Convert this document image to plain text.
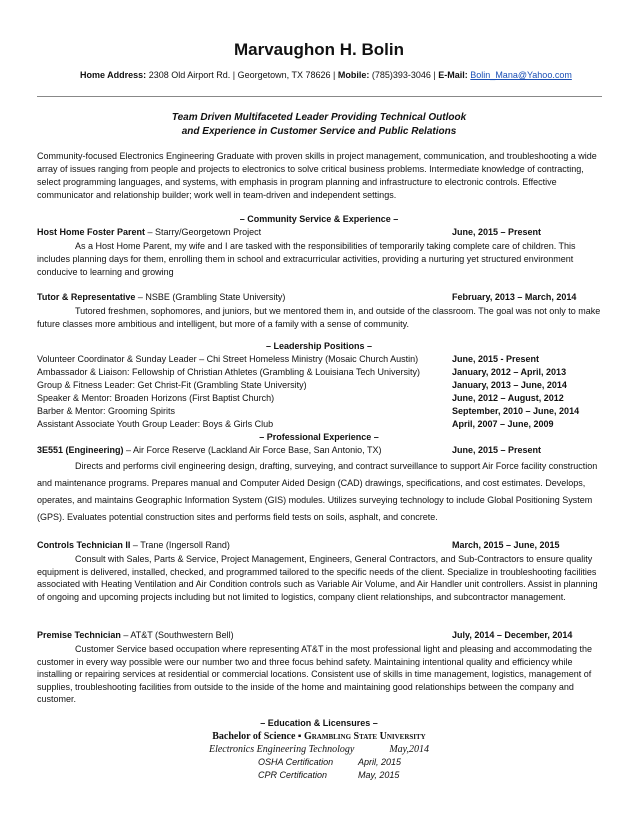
Marvaughon H. Bolin
Home Address: 2308 Old Airport Rd. | Georgetown, TX 78626 | Mobile: (785)393-3046 | E-Mail: Bolin_Mana@Yahoo.com
Team Driven Multifaceted Leader Providing Technical Outlook
and Experience in Customer Service and Public Relations
Community-focused Electronics Engineering Graduate with proven skills in project management, communication, and troubleshooting a wide array of issues ranging from people and projects to electronics to solve critical business problems. Intermediate knowledge of contracting, select programming languages, and systems, with emphasis in program planning and infrastructure to electronic controls. Effective communicator and relationship builder; work well in team-driven and independent settings.
– Community Service & Experience –
Host Home Foster Parent – Starry/Georgetown Project	June, 2015 – Present
As a Host Home Parent, my wife and I are tasked with the responsibilities of temporarily taking complete care of children. This includes planning days for them, enrolling them in school and extracurricular activities, providing a nurturing yet structured environment conducive to learning and growing
Tutor & Representative – NSBE (Grambling State University)	February, 2013 – March, 2014
Tutored freshmen, sophomores, and juniors, but we mentored them in, and outside of the classroom. The goal was not only to make future classes more ambitious and intelligent, but more of a family with a sense of community.
– Leadership Positions –
Volunteer Coordinator & Sunday Leader – Chi Street Homeless Ministry (Mosaic Church Austin)	June, 2015 - Present
Ambassador & Liaison: Fellowship of Christian Athletes (Grambling & Louisiana Tech University)	January, 2012 – April, 2013
Group & Fitness Leader: Get Christ-Fit (Grambling State University)	January, 2013 – June, 2014
Speaker & Mentor: Broaden Horizons (First Baptist Church)	June, 2012 – August, 2012
Barber & Mentor: Grooming Spirits	September, 2010 – June, 2014
Assistant Associate Youth Group Leader: Boys & Girls Club	April, 2007 – June, 2009
– Professional Experience –
3E551 (Engineering) – Air Force Reserve (Lackland Air Force Base, San Antonio, TX)	June, 2015 – Present
Directs and performs civil engineering design, drafting, surveying, and contract surveillance to support Air Force facility construction and maintenance programs. Prepares manual and Computer Aided Design (CAD) drawings, specifications, and cost estimates. Develops, operates, and maintains Geographic Information System (GIS) modules. Utilizes surveying technology to include Global Positioning System (GPS). Evaluates potential construction sites and performs field tests on soils, asphalt, and concrete.
Controls Technician II – Trane (Ingersoll Rand)	March, 2015 – June, 2015
Consult with Sales, Parts & Service, Project Management, Engineers, General Contractors, and Sub-Contractors to ensure quality equipment is delivered, installed, checked, and programmed tailored to the specific needs of the client. Specialize in troubleshooting facilities associated with Heating Ventilation and Air Condition controls such as Variable Air Volume, and Air Handler unit controllers. Assist in planning of ongoing and upcoming projects including but not limited to logistics, company client relationships, and subcontractor management.
Premise Technician – AT&T (Southwestern Bell)	July, 2014 – December, 2014
Customer Service based occupation where representing AT&T in the most professional light and pleasing and accommodating the customer in every way possible were our number two and three focus behind safety. Maintaining intentional quality and efficiency while installing or repairing services at residential or commercial locations. Consistent use of skills in time management, logistics, management of supplies, troubleshooting facilities from outside to the inside of the home and maintaining good relationships between the company and customer.
– Education & Licensures –
Bachelor of Science ▪ Grambling State University
Electronics Engineering Technology	May,2014
OSHA Certification	April, 2015
CPR Certification	May, 2015
